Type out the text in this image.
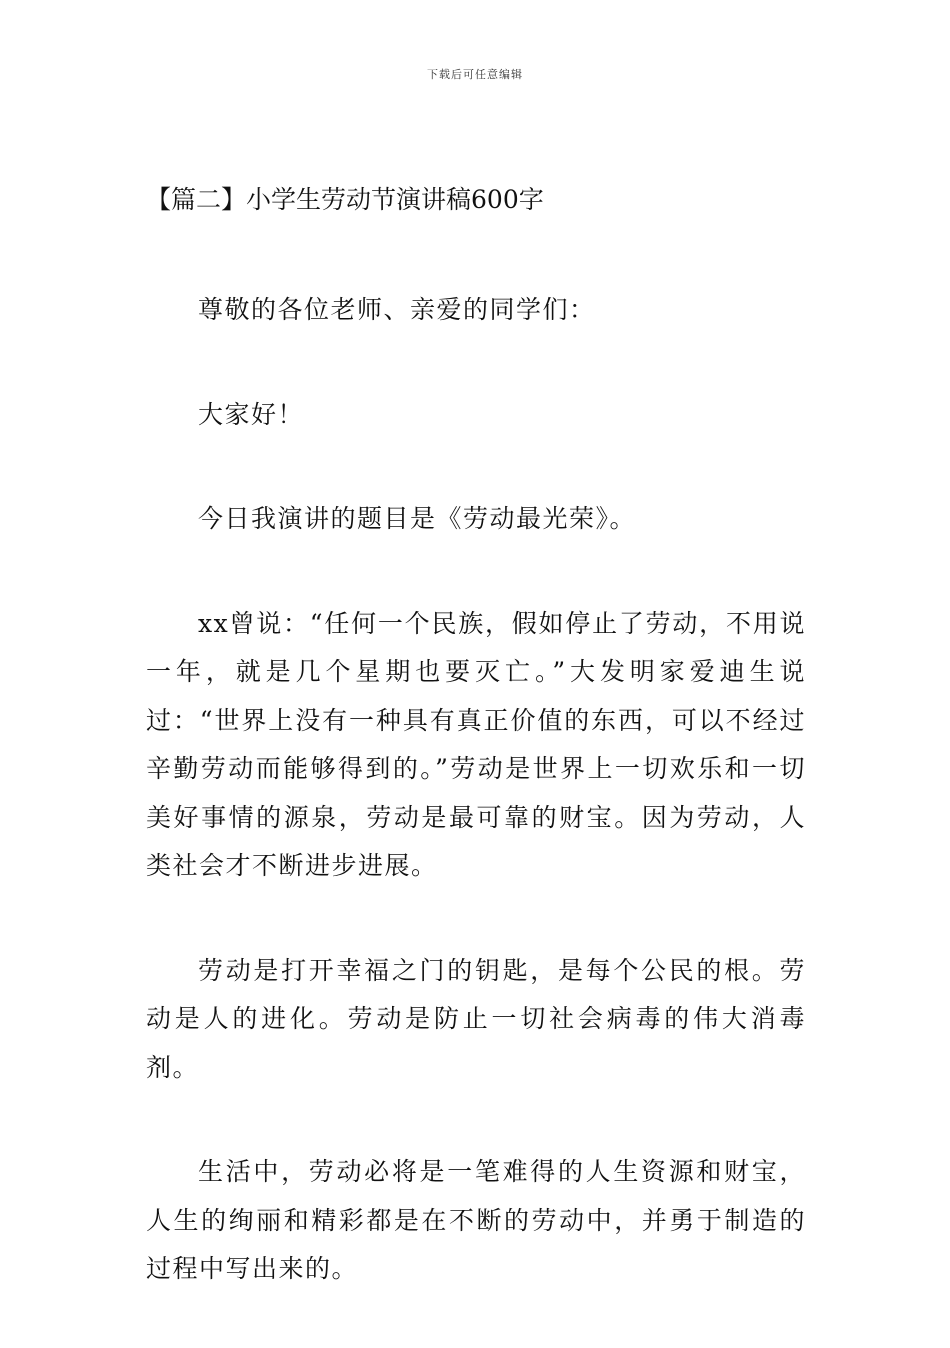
下载后可任意编辑
【篇二】小学生劳动节演讲稿600字

尊敬的各位老师、亲爱的同学们：

大家好！

今日我演讲的题目是《劳动最光荣》。

xx曾说：“任何一个民族，假如停止了劳动，不用说一年，就是几个星期也要灭亡。”大发明家爱迪生说过：“世界上没有一种具有真正价值的东西，可以不经过辛勤劳动而能够得到的。”劳动是世界上一切欢乐和一切美好事情的源泉，劳动是最可靠的财宝。因为劳动，人类社会才不断进步进展。

劳动是打开幸福之门的钥匙，是每个公民的根。劳动是人的进化。劳动是防止一切社会病毒的伟大消毒剂。

生活中，劳动必将是一笔难得的人生资源和财宝，人生的绚丽和精彩都是在不断的劳动中，并勇于制造的过程中写出来的。
